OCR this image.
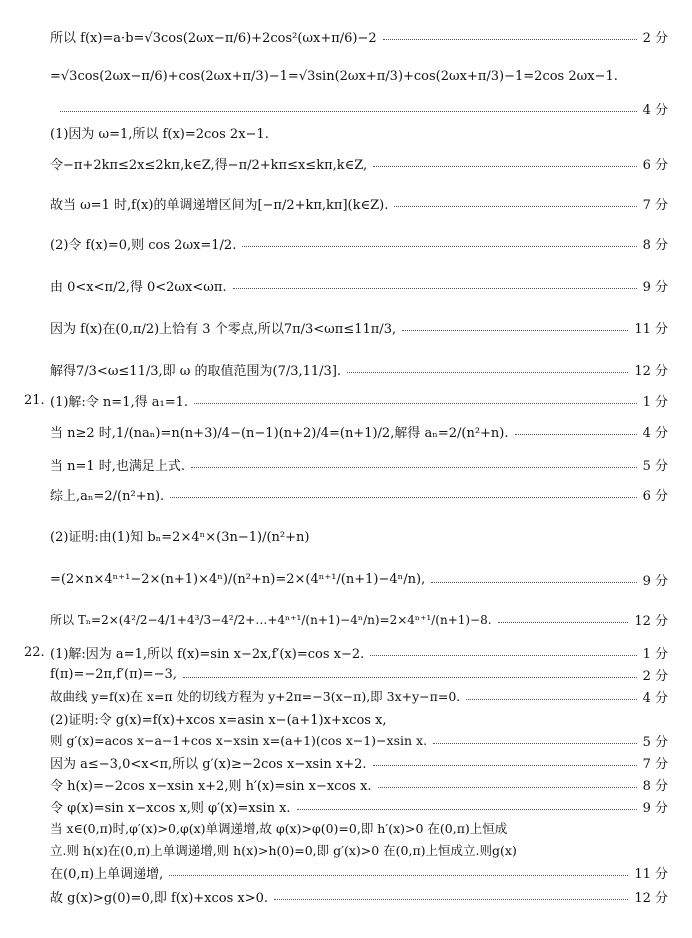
所以 f(x)=a·b=√3cos(2ωx−π/6)+2cos²(ωx+π/6)−2	2 分
=√3cos(2ωx−π/6)+cos(2ωx+π/3)−1=√3sin(2ωx+π/3)+cos(2ωx+π/3)−1=2cos 2ωx−1.
4 分
(1)因为 ω=1,所以 f(x)=2cos 2x−1.
令−π+2kπ≤2x≤2kπ,k∈Z,得−π/2+kπ≤x≤kπ,k∈Z,	6 分
故当 ω=1 时,f(x)的单调递增区间为[−π/2+kπ,kπ](k∈Z).	7 分
(2)令 f(x)=0,则 cos 2ωx=1/2.	8 分
由 0<x<π/2,得 0<2ωx<ωπ.	9 分
因为 f(x)在(0,π/2)上恰有 3 个零点,所以7π/3<ωπ≤11π/3,	11 分
解得7/3<ω≤11/3,即 ω 的取值范围为(7/3,11/3].	12 分
21. (1)解:令 n=1,得 a₁=1.	1 分
当 n≥2 时,1/(naₙ)=n(n+3)/4−(n−1)(n+2)/4=(n+1)/2,解得 aₙ=2/(n²+n).	4 分
当 n=1 时,也满足上式.	5 分
综上,aₙ=2/(n²+n).	6 分
(2)证明:由(1)知 bₙ=2×4ⁿ×(3n−1)/(n²+n)
=(2×n×4ⁿ⁺¹−2×(n+1)×4ⁿ)/(n²+n)=2×(4ⁿ⁺¹/(n+1)−4ⁿ/n),	9 分
所以 Tₙ=2×(4²/2−4/1+4³/3−4²/2+…+4ⁿ⁺¹/(n+1)−4ⁿ/n)=2×4ⁿ⁺¹/(n+1)−8.	12 分
22. (1)解:因为 a=1,所以 f(x)=sin x−2x,f′(x)=cos x−2.	1 分
f(π)=−2π,f′(π)=−3,	2 分
故曲线 y=f(x)在 x=π 处的切线方程为 y+2π=−3(x−π),即 3x+y−π=0.	4 分
(2)证明:令 g(x)=f(x)+xcos x=asin x−(a+1)x+xcos x,
则 g′(x)=acos x−a−1+cos x−xsin x=(a+1)(cos x−1)−xsin x.	5 分
因为 a≤−3,0<x<π,所以 g′(x)≥−2cos x−xsin x+2.	7 分
令 h(x)=−2cos x−xsin x+2,则 h′(x)=sin x−xcos x.	8 分
令 φ(x)=sin x−xcos x,则 φ′(x)=xsin x.	9 分
当 x∈(0,π)时,φ′(x)>0,φ(x)单调递增,故 φ(x)>φ(0)=0,即 h′(x)>0 在(0,π)上恒成
立.则 h(x)在(0,π)上单调递增,则 h(x)>h(0)=0,即 g′(x)>0 在(0,π)上恒成立.则g(x)
在(0,π)上单调递增,	11 分
故 g(x)>g(0)=0,即 f(x)+xcos x>0.	12 分
